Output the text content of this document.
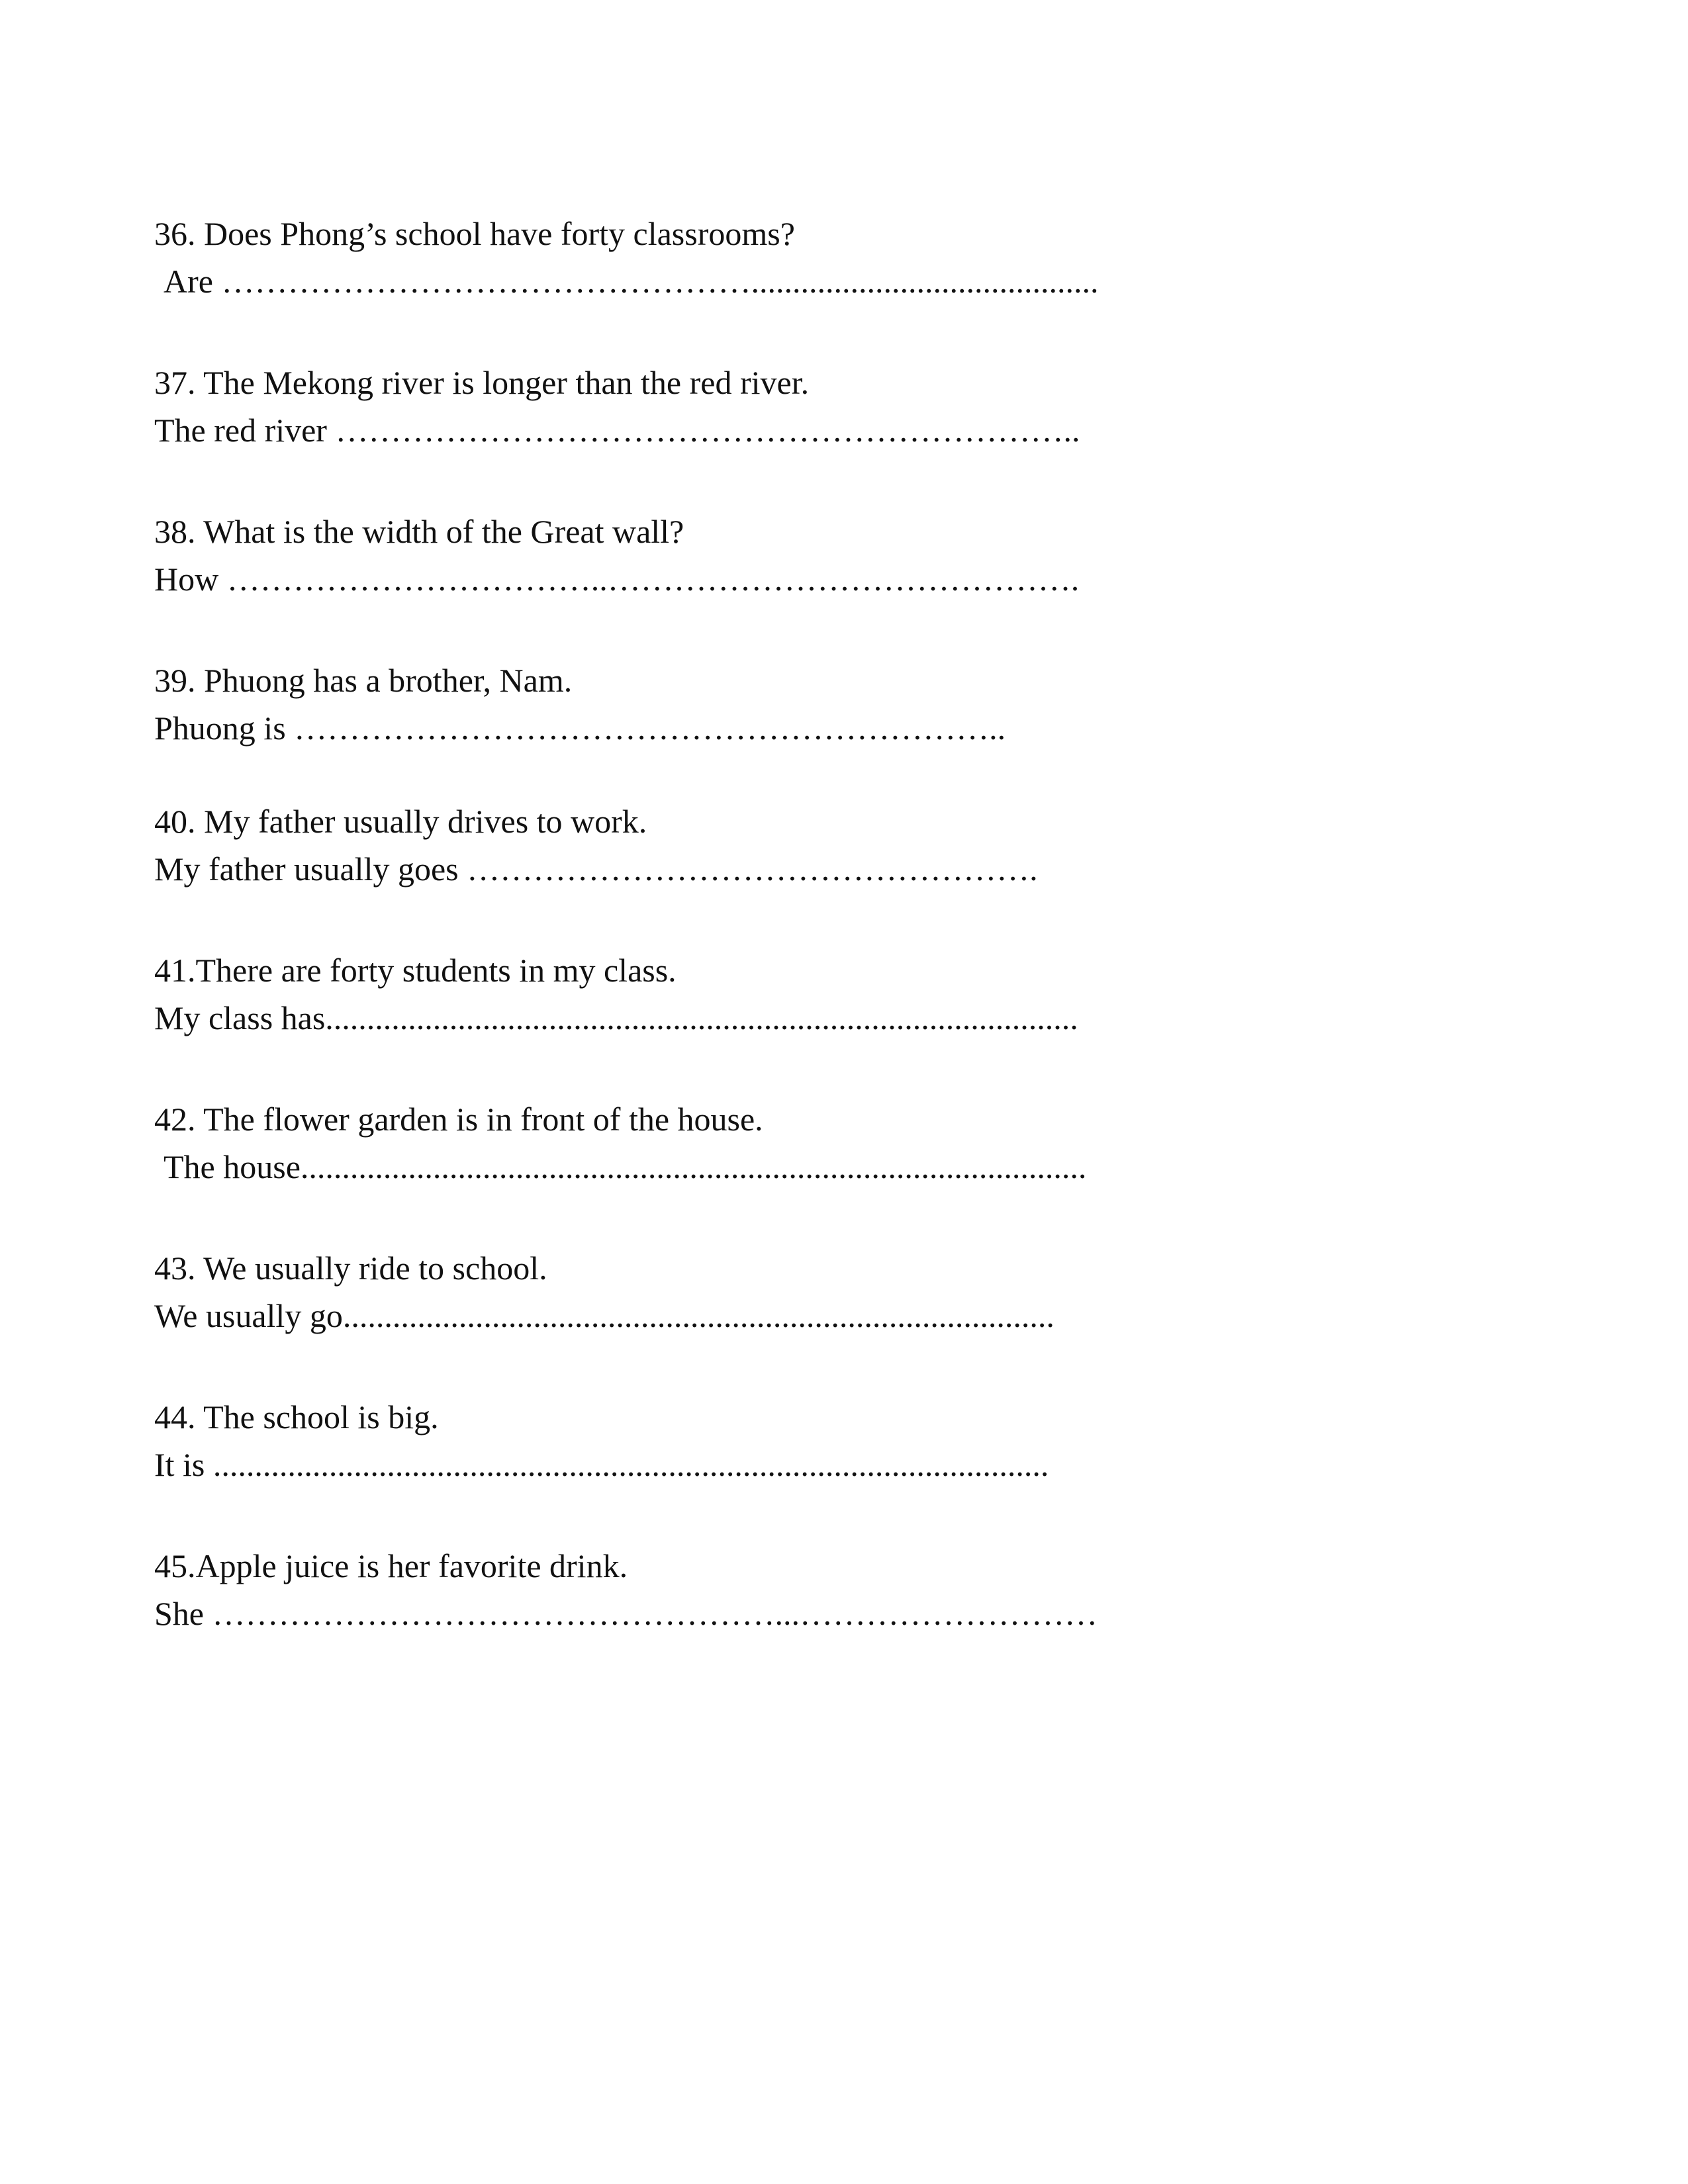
36. Does Phong’s school have forty classrooms?
Are …………………………………………..........................................
37. The Mekong river is longer than the red river.
The red river …………………………………………………………..
38. What is the width of the Great wall?
How ……………………………..…………………………………….
39. Phuong has a brother, Nam.
Phuong is ………………………………………………………..
40. My father usually drives to work.
My father usually goes …………………………………………….
41.There are forty students in my class.
My class has...........................................................................................
42. The flower garden is in front of the house.
The house...............................................................................................
43. We usually ride to school.
We usually go......................................................................................
44. The school is big.
It is .....................................................................................................
45.Apple juice is her favorite drink.
She ……………………………………………...………………………
